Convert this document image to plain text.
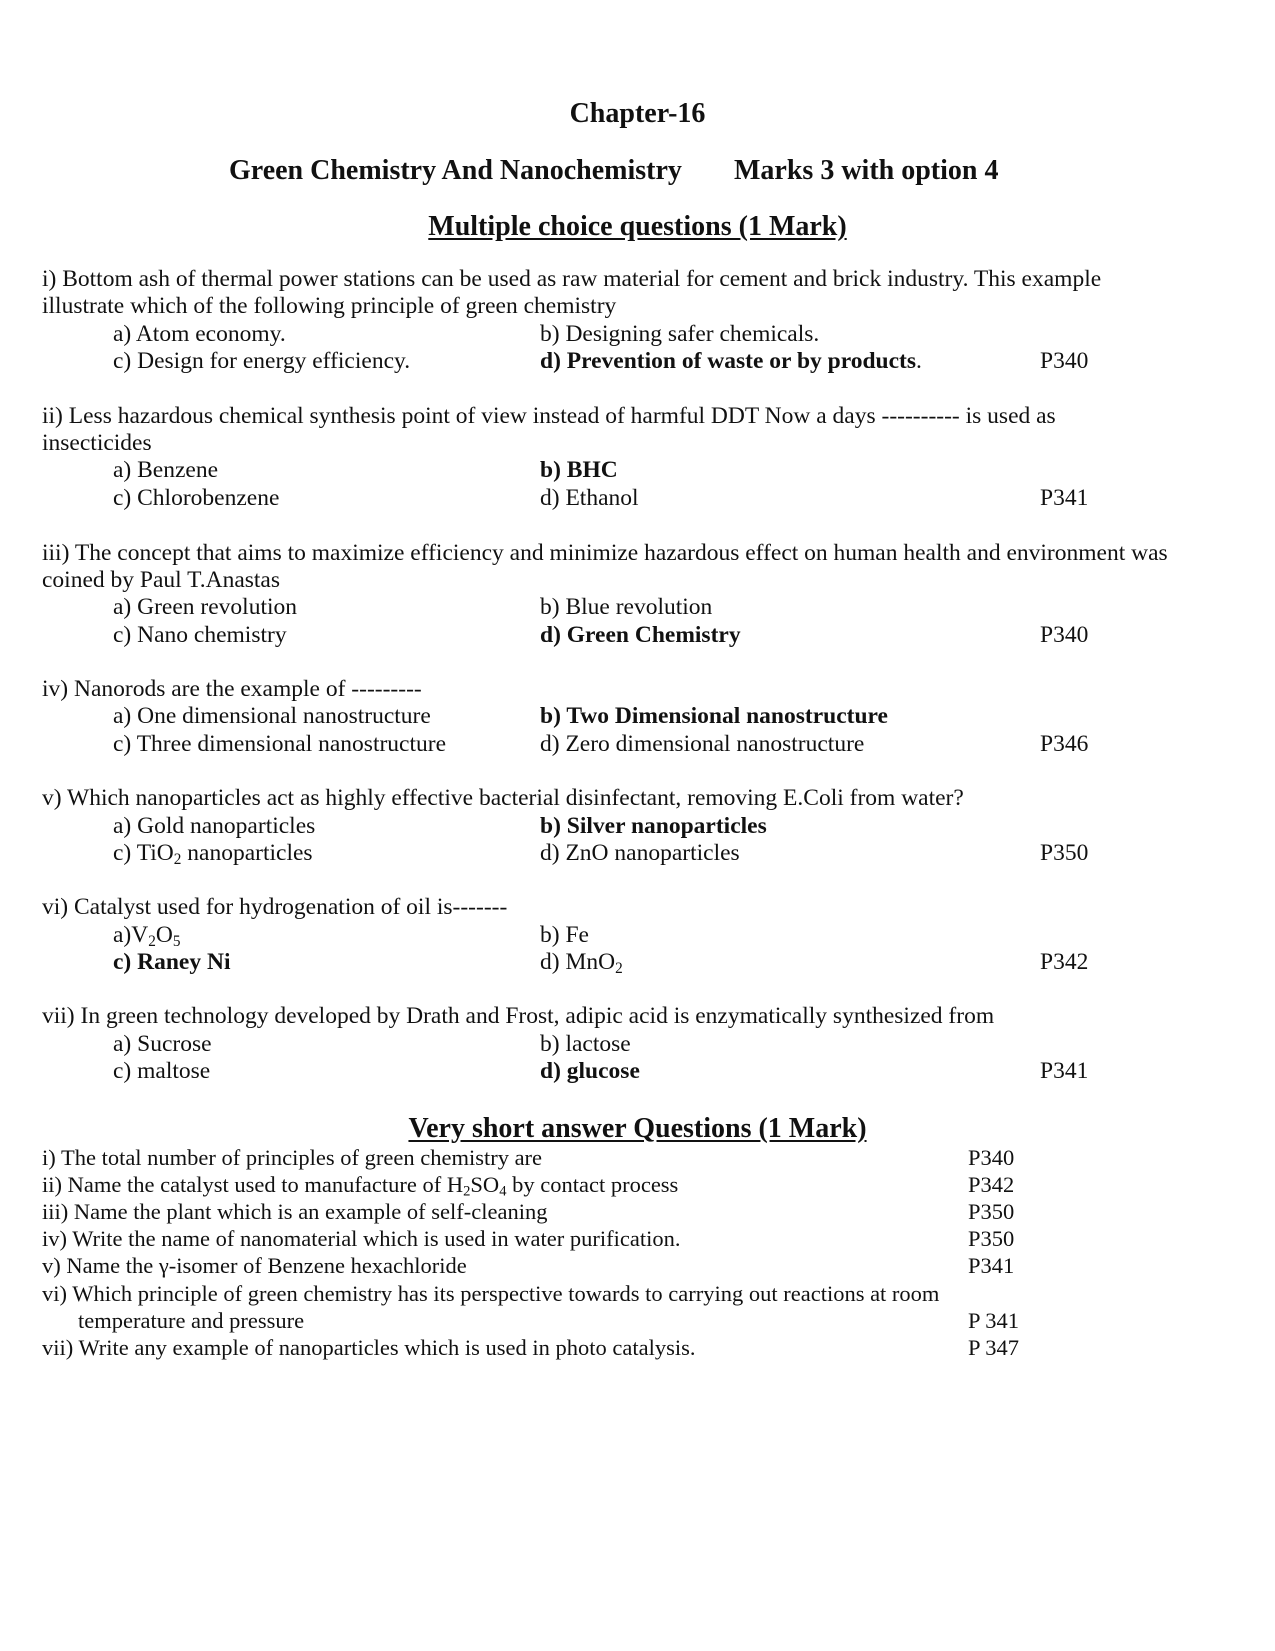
Chapter-16
Green Chemistry And Nanochemistry Marks 3 with option 4
Multiple choice questions (1 Mark)
i) Bottom ash of thermal power stations can be used as raw material for cement and brick industry. This example
illustrate which of the following principle of green chemistry
a) Atom economy.	b) Designing safer chemicals.
c) Design for energy efficiency.	d) Prevention of waste or by products.	P340
ii) Less hazardous chemical synthesis point of view instead of harmful DDT Now a days ---------- is used as
insecticides
a) Benzene	b) BHC
c) Chlorobenzene	d) Ethanol	P341
iii) The concept that aims to maximize efficiency and minimize hazardous effect on human health and environment was
coined by Paul T.Anastas
a) Green revolution	b) Blue revolution
c) Nano chemistry	d) Green Chemistry	P340
iv) Nanorods are the example of ---------
a) One dimensional nanostructure	b) Two Dimensional nanostructure
c) Three dimensional nanostructure	d) Zero dimensional nanostructure	P346
v) Which nanoparticles act as highly effective bacterial disinfectant, removing E.Coli from water?
a) Gold nanoparticles	b) Silver nanoparticles
c) TiO$_2$ nanoparticles	d) ZnO nanoparticles	P350
vi) Catalyst used for hydrogenation of oil is-------
$a)V_2O_5$	b) Fe
c) Raney Ni	d) MnO$_2$	P342
vii) In green technology developed by Drath and Frost, adipic acid is enzymatically synthesized from
a) Sucrose	b) lactose
c) maltose	d) glucose	P341
Very short answer Questions (1 Mark)
i) The total number of principles of green chemistry are	P340
ii) Name the catalyst used to manufacture of $H_2SO_4$ by contact process	P342
iii) Name the plant which is an example of self-cleaning	P350
iv) Write the name of nanomaterial which is used in water purification.	P350
v) Name the γ-isomer of Benzene hexachloride	P341
vi) Which principle of green chemistry has its perspective towards to carrying out reactions at room
temperature and pressure	P 341
vii) Write any example of nanoparticles which is used in photo catalysis.	P 347
